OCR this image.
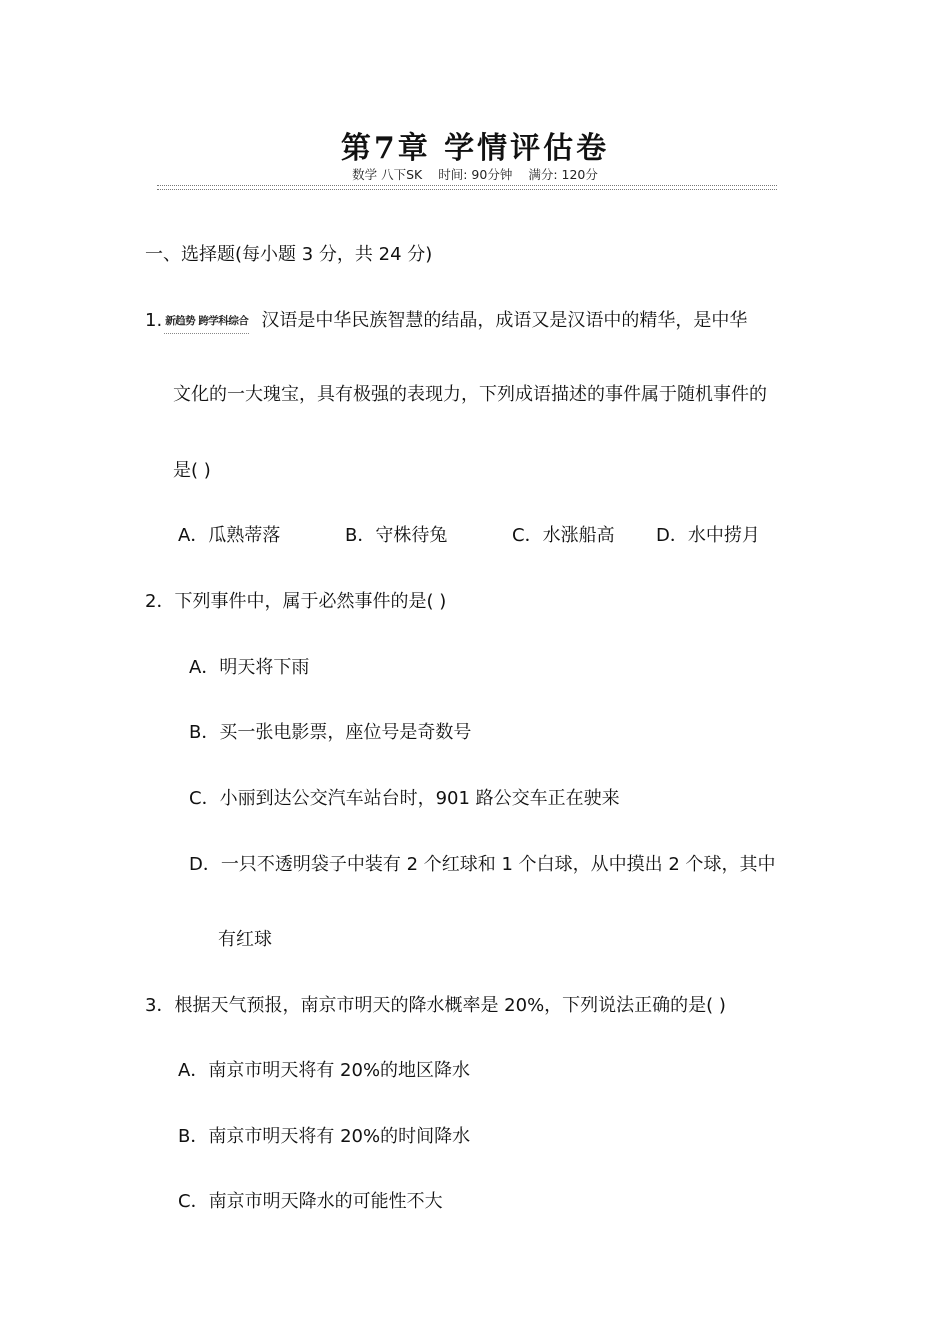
第7章 学情评估卷
数学 八下SK 时间: 90分钟 满分: 120分
一、选择题(每小题 3 分，共 24 分)
1. 新趋势 跨学科综合 汉语是中华民族智慧的结晶，成语又是汉语中的精华，是中华
文化的一大瑰宝，具有极强的表现力，下列成语描述的事件属于随机事件的
是( )
A．瓜熟蒂落	B．守株待兔	C．水涨船高 D．水中捞月
2．下列事件中，属于必然事件的是( )
A．明天将下雨
B．买一张电影票，座位号是奇数号
C．小丽到达公交汽车站台时，901 路公交车正在驶来
D．一只不透明袋子中装有 2 个红球和 1 个白球，从中摸出 2 个球，其中
有红球
3．根据天气预报，南京市明天的降水概率是 20%，下列说法正确的是( )
A．南京市明天将有 20%的地区降水
B．南京市明天将有 20%的时间降水
C．南京市明天降水的可能性不大
